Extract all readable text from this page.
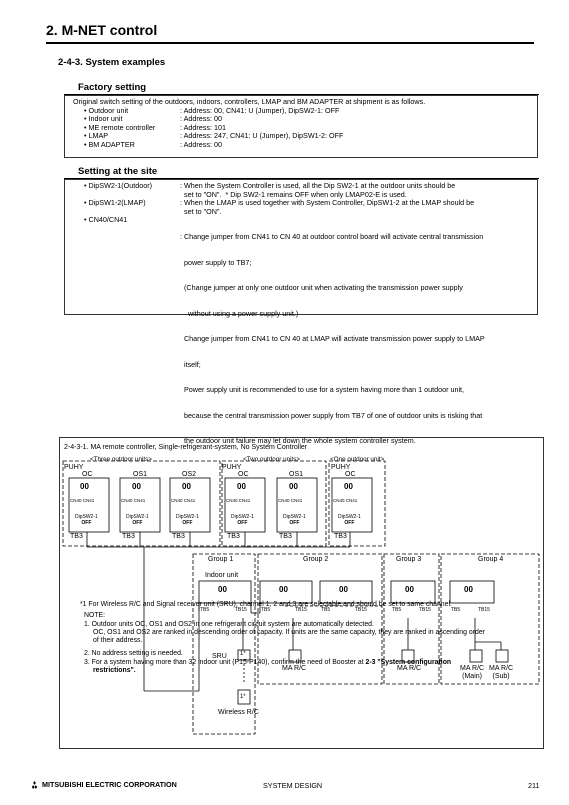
2. M-NET control
2-4-3. System examples
Factory setting
Original switch setting of the outdoors, indoors, controllers, LMAP and BM ADAPTER at shipment is as follows.
• Outdoor unit	: Address: 00, CN41: U (Jumper), DipSW2-1: OFF
• Indoor unit	: Address: 00
• ME remote controller	: Address: 101
• LMAP	: Address: 247, CN41: U (Jumper), DipSW1-2: OFF
• BM ADAPTER	: Address: 00
Setting at the site
• DipSW2-1(Outdoor)	: When the System Controller is used, all the Dip SW2-1 at the outdoor units should be
set to "ON".  * Dip SW2-1 remains OFF when only LMAP02-E is used.
• DipSW1-2(LMAP)	: When the LMAP is used together with System Controller, DipSW1-2 at the LMAP should be
set to "ON".
• CN40/CN41

: Change jumper from CN41 to CN 40 at outdoor control board will activate central transmission

power supply to TB7;

(Change jumper at only one outdoor unit when activating the transmission power supply

without using a power supply unit.)

Change jumper from CN41 to CN 40 at LMAP will activate transmission power supply to LMAP

itself;

Power supply unit is recommended to use for a system having more than 1 outdoor unit,

because the central transmission power supply from TB7 of one of outdoor units is risking that

the outdoor unit failure may let down the whole system controller system.

2-4-3-1. MA remote controller, Single-refrigerant-system, No System Controller
<Three outdoor units>	<Two outdoor units>	<One outdoor unit>
PUHY	PUHY	PUHY
OC	OS1	OS2	OC	OS1	OC
00	00	00	00	00	00
CN40 CN41	CN40 CN41	CN40 CN41	CN40 CN41	CN40 CN41	CN40 CN41
DipSW2-1
OFF
DipSW2-1
OFF
DipSW2-1
OFF
DipSW2-1
OFF
DipSW2-1
OFF
DipSW2-1
OFF
TB3	TB3	TB3	TB3	TB3	TB3
Group 1	Group 2	Group 3	Group 4
Indoor unit
00	00	00	00	00
TB5	TB15	TB5	TB15	TB5	TB15	TB5	TB15	TB5	TB15
SRU 1*
1*
Wireless R/C
MA R/C	MA R/C	MA R/C
(Main)
MA R/C
(Sub)
*1 For Wireless R/C and Signal receiver unit (SRU), channel 1, 2 and 3 are selectable and should be set to same channel.
NOTE:
1. Outdoor units OC, OS1 and OS2 in one refrigerant circuit system are automatically detected.
OC, OS1 and OS2 are ranked in descending order of capacity. If units are the same capacity, they are ranked in ascending order
of their address.
2. No address setting is needed.
3. For a system having more than 32 indoor unit (P15-P140), confirm the need of Booster at 2-3 "System configuration
restrictions".
MITSUBISHI ELECTRIC CORPORATION	SYSTEM DESIGN	211
